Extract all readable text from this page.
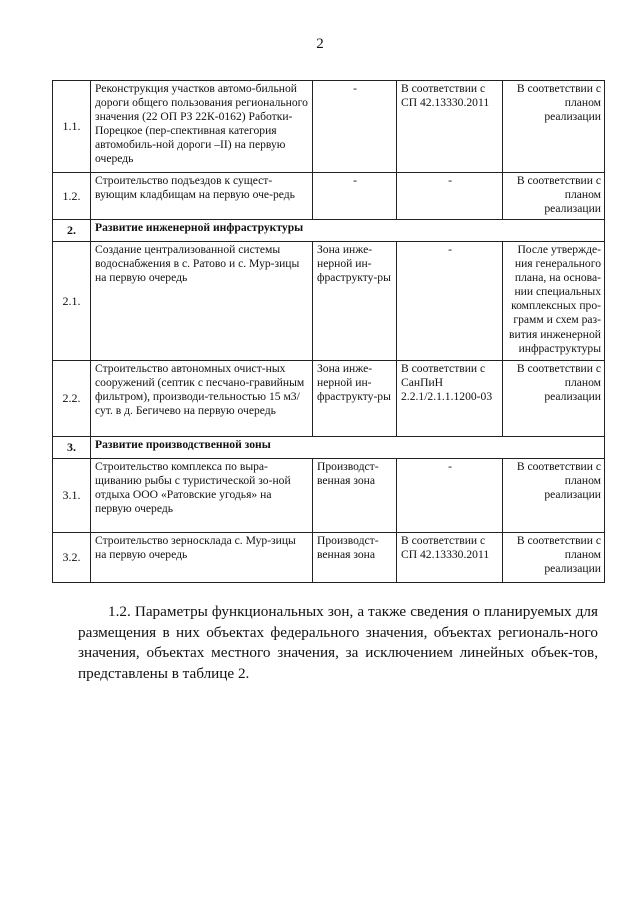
2
1.1.	Реконструкция участков автомо-бильной дороги общего пользования регионального значения (22 ОП РЗ 22К-0162) Работки-Порецкое (пер-спективная категория автомобиль-ной дороги –II) на первую очередь	-	В соответствии с СП 42.13330.2011	В соответствии с планом реализации
1.2.	Строительство подъездов к сущест-вующим кладбищам на первую оче-редь	-	-	В соответствии с планом реализации
2.	Развитие инженерной инфраструктуры			
2.1.	Создание централизованной системы водоснабжения в с. Ратово и с. Мур-зицы на первую очередь	Зона инже-нерной ин-фраструкту-ры	-	После утвержде-ния генерального плана, на основа-нии специальных комплексных про-грамм и схем раз-вития инженерной инфраструктуры
2.2.	Строительство автономных очист-ных сооружений (септик с песчано-гравийным фильтром), производи-тельностью 15 м3/сут. в д. Бегичево на первую очередь	Зона инже-нерной ин-фраструкту-ры	В соответствии с СанПиН 2.2.1/2.1.1.1200-03	В соответствии с планом реализации
3.	Развитие производственной зоны			
3.1.	Строительство комплекса по выра-щиванию рыбы с туристической зо-ной отдыха ООО «Ратовские угодья» на первую очередь	Производст-венная зона	-	В соответствии с планом реализации
3.2.	Строительство зерносклада с. Мур-зицы на первую очередь	Производст-венная зона	В соответствии с СП 42.13330.2011	В соответствии с планом реализации
1.2. Параметры функциональных зон, а также сведения о планируемых для размещения в них объектах федерального значения, объектах региональ-ного значения, объектах местного значения, за исключением линейных объек-тов, представлены в таблице 2.
